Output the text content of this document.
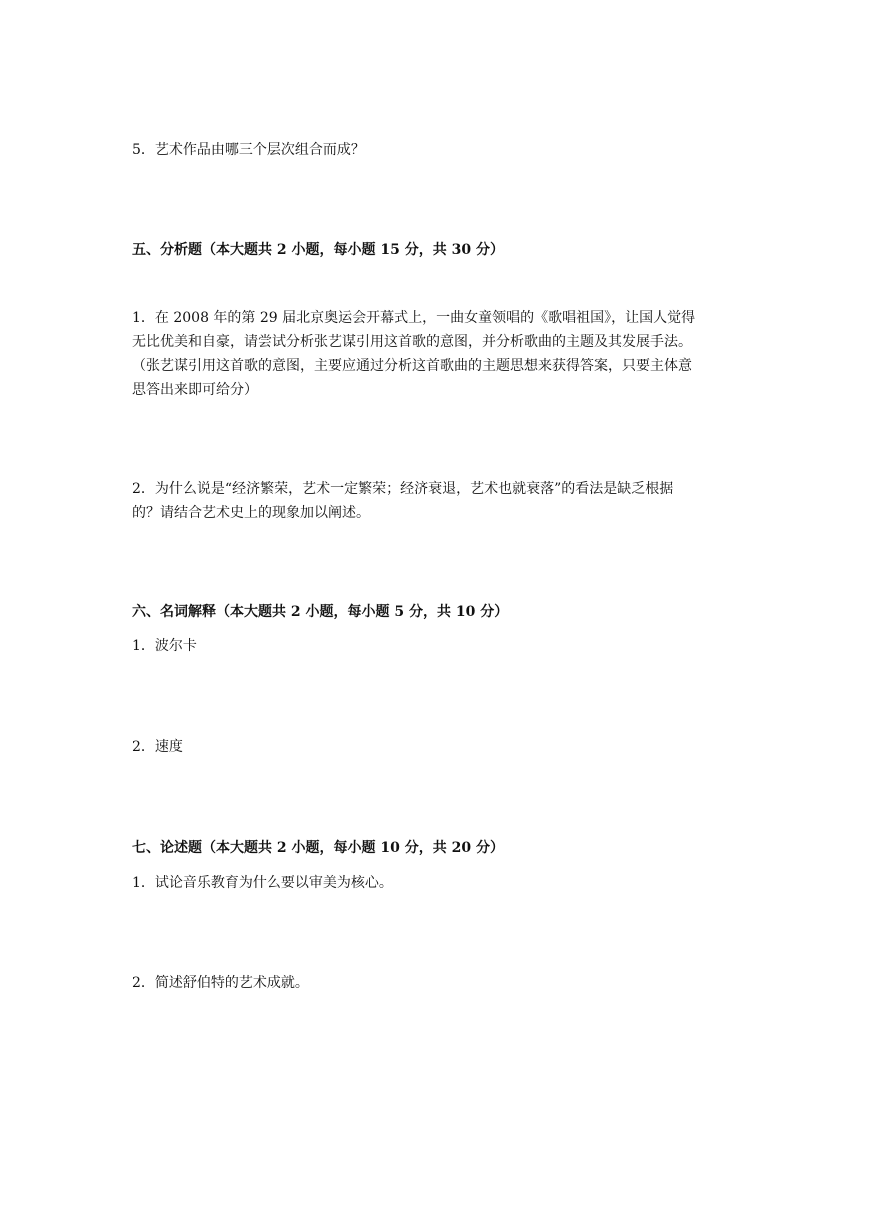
5．艺术作品由哪三个层次组合而成？
五、分析题（本大题共 2 小题，每小题 15 分，共 30 分）
1．在 2008 年的第 29 届北京奥运会开幕式上，一曲女童领唱的《歌唱祖国》，让国人觉得
无比优美和自豪，请尝试分析张艺谋引用这首歌的意图，并分析歌曲的主题及其发展手法。
（张艺谋引用这首歌的意图，主要应通过分析这首歌曲的主题思想来获得答案，只要主体意
思答出来即可给分）
2．为什么说是“经济繁荣，艺术一定繁荣；经济衰退，艺术也就衰落”的看法是缺乏根据
的？请结合艺术史上的现象加以阐述。
六、名词解释（本大题共 2 小题，每小题 5 分，共 10 分）
1．波尔卡
2．速度
七、论述题（本大题共 2 小题，每小题 10 分，共 20 分）
1．试论音乐教育为什么要以审美为核心。
2．简述舒伯特的艺术成就。
